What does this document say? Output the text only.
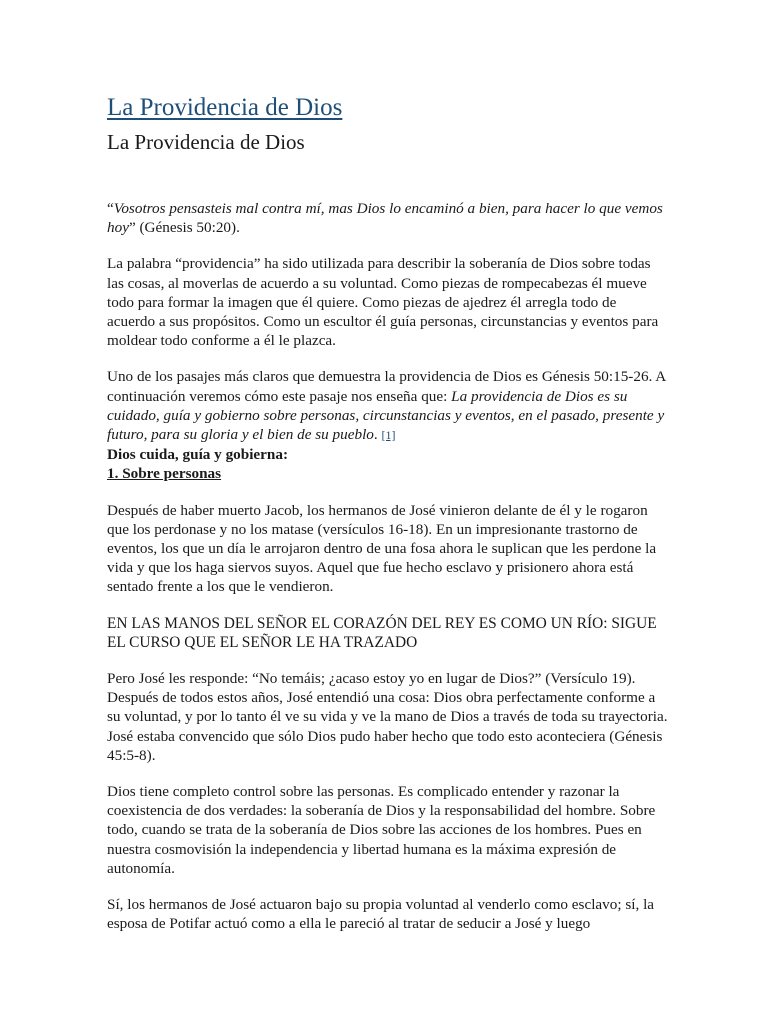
La Providencia de Dios
La Providencia de Dios

“Vosotros pensasteis mal contra mí, mas Dios lo encaminó a bien, para hacer lo que vemos hoy” (Génesis 50:20).

La palabra “providencia” ha sido utilizada para describir la soberanía de Dios sobre todas las cosas, al moverlas de acuerdo a su voluntad. Como piezas de rompecabezas él mueve todo para formar la imagen que él quiere. Como piezas de ajedrez él arregla todo de acuerdo a sus propósitos. Como un escultor él guía personas, circunstancias y eventos para moldear todo conforme a él le plazca.

Uno de los pasajes más claros que demuestra la providencia de Dios es Génesis 50:15-26. A continuación veremos cómo este pasaje nos enseña que: La providencia de Dios es su cuidado, guía y gobierno sobre personas, circunstancias y eventos, en el pasado, presente y futuro, para su gloria y el bien de su pueblo. [1]

Dios cuida, guía y gobierna:

1. Sobre personas

Después de haber muerto Jacob, los hermanos de José vinieron delante de él y le rogaron que los perdonase y no los matase (versículos 16-18). En un impresionante trastorno de eventos, los que un día le arrojaron dentro de una fosa ahora le suplican que les perdone la vida y que los haga siervos suyos. Aquel que fue hecho esclavo y prisionero ahora está sentado frente a los que le vendieron.

EN LAS MANOS DEL SEÑOR EL CORAZÓN DEL REY ES COMO UN RÍO: SIGUE EL CURSO QUE EL SEÑOR LE HA TRAZADO

Pero José les responde: “No temáis; ¿acaso estoy yo en lugar de Dios?” (Versículo 19). Después de todos estos años, José entendió una cosa: Dios obra perfectamente conforme a su voluntad, y por lo tanto él ve su vida y ve la mano de Dios a través de toda su trayectoria. José estaba convencido que sólo Dios pudo haber hecho que todo esto aconteciera (Génesis 45:5-8).

Dios tiene completo control sobre las personas. Es complicado entender y razonar la coexistencia de dos verdades: la soberanía de Dios y la responsabilidad del hombre. Sobre todo, cuando se trata de la soberanía de Dios sobre las acciones de los hombres. Pues en nuestra cosmovisión la independencia y libertad humana es la máxima expresión de autonomía.

Sí, los hermanos de José actuaron bajo su propia voluntad al venderlo como esclavo; sí, la esposa de Potifar actuó como a ella le pareció al tratar de seducir a José y luego
